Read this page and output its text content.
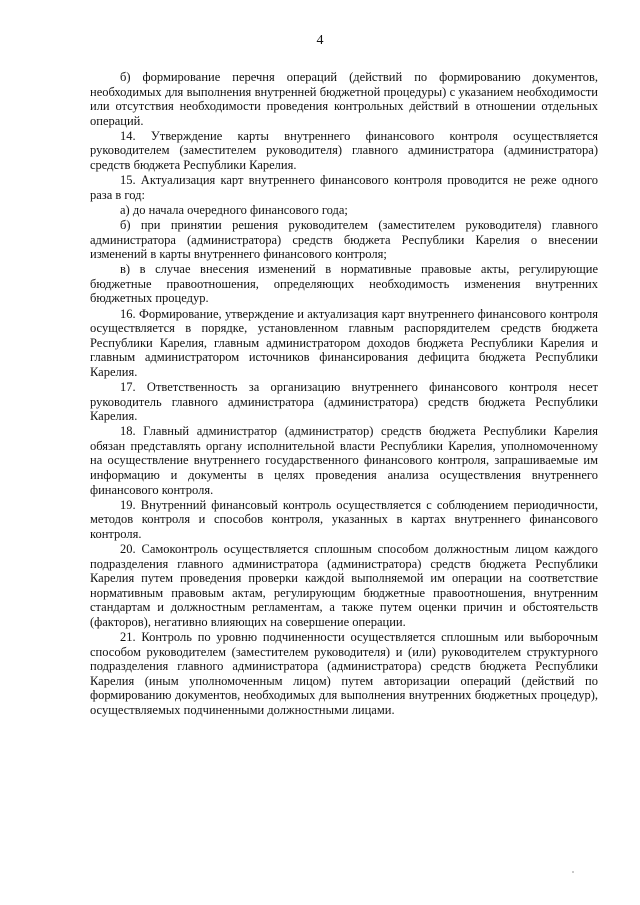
4

б) формирование перечня операций (действий по формированию документов, необходимых для выполнения внутренней бюджетной процедуры) с указанием необходимости или отсутствия необходимости проведения контрольных действий в отношении отдельных операций.

14. Утверждение карты внутреннего финансового контроля осуществляется руководителем (заместителем руководителя) главного администратора (администратора) средств бюджета Республики Карелия.

15. Актуализация карт внутреннего финансового контроля проводится не реже одного раза в год:

а) до начала очередного финансового года;

б) при принятии решения руководителем (заместителем руководителя) главного администратора (администратора) средств бюджета Республики Карелия о внесении изменений в карты внутреннего финансового контроля;

в) в случае внесения изменений в нормативные правовые акты, регулирующие бюджетные правоотношения, определяющих необходимость изменения внутренних бюджетных процедур.

16. Формирование, утверждение и актуализация карт внутреннего финансового контроля осуществляется в порядке, установленном главным распорядителем средств бюджета Республики Карелия, главным администратором доходов бюджета Республики Карелия и главным администратором источников финансирования дефицита бюджета Республики Карелия.

17. Ответственность за организацию внутреннего финансового контроля несет руководитель главного администратора (администратора) средств бюджета Республики Карелия.

18. Главный администратор (администратор) средств бюджета Республики Карелия обязан представлять органу исполнительной власти Республики Карелия, уполномоченному на осуществление внутреннего государственного финансового контроля, запрашиваемые им информацию и документы в целях проведения анализа осуществления внутреннего финансового контроля.

19. Внутренний финансовый контроль осуществляется с соблюдением периодичности, методов контроля и способов контроля, указанных в картах внутреннего финансового контроля.

20. Самоконтроль осуществляется сплошным способом должностным лицом каждого подразделения главного администратора (администратора) средств бюджета Республики Карелия путем проведения проверки каждой выполняемой им операции на соответствие нормативным правовым актам, регулирующим бюджетные правоотношения, внутренним стандартам и должностным регламентам, а также путем оценки причин и обстоятельств (факторов), негативно влияющих на совершение операции.

21. Контроль по уровню подчиненности осуществляется сплошным или выборочным способом руководителем (заместителем руководителя) и (или) руководителем структурного подразделения главного администратора (администратора) средств бюджета Республики Карелия (иным уполномоченным лицом) путем авторизации операций (действий по формированию документов, необходимых для выполнения внутренних бюджетных процедур), осуществляемых подчиненными должностными лицами.
